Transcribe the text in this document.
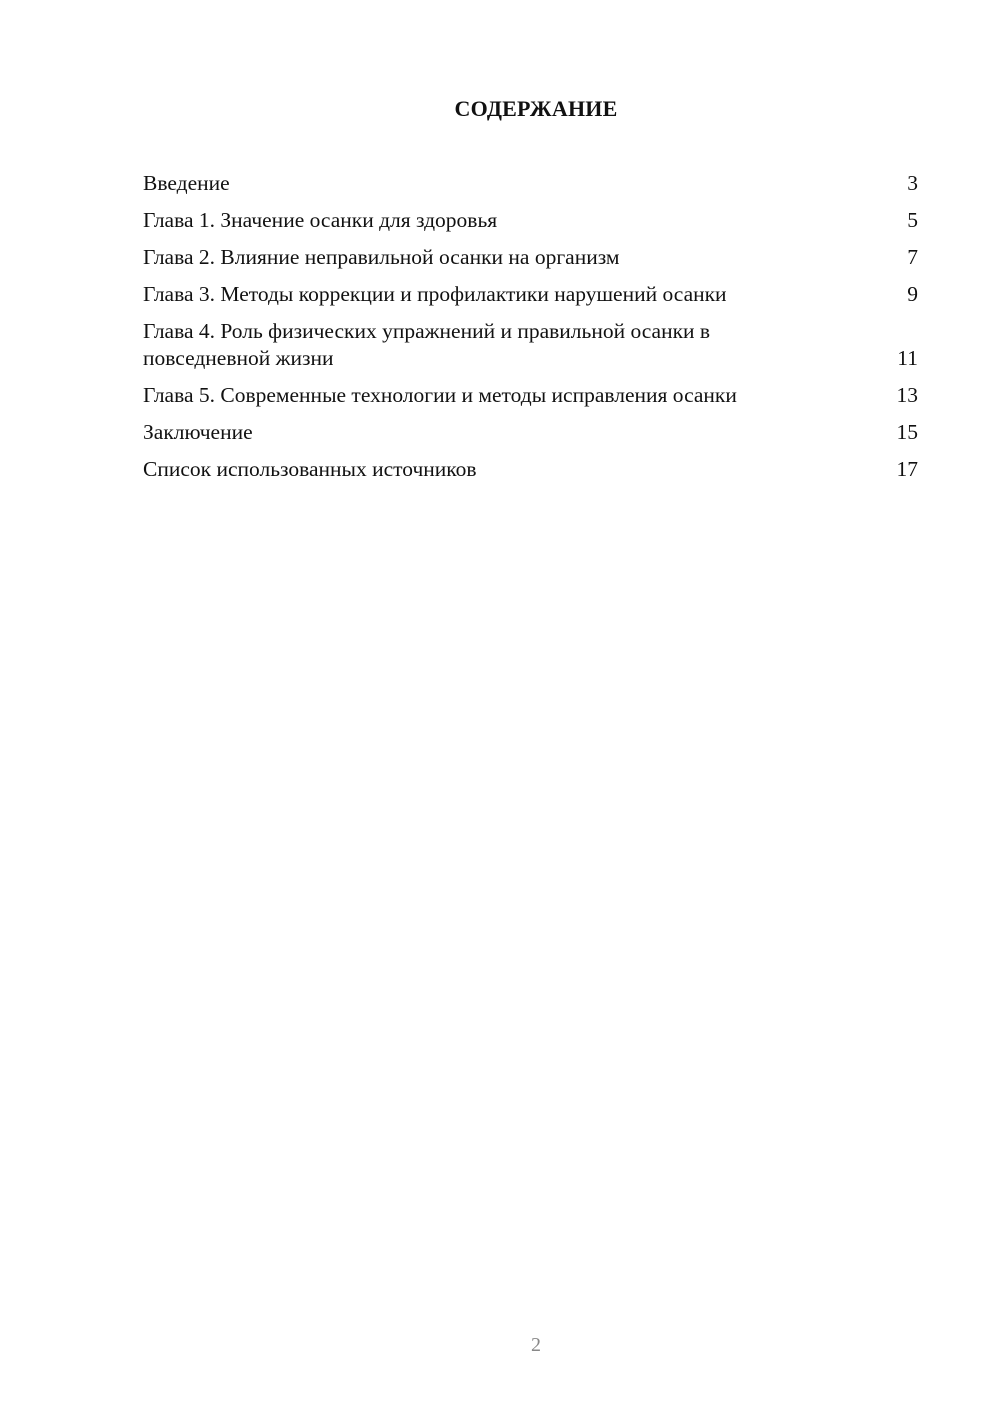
СОДЕРЖАНИЕ
Введение	3
Глава 1. Значение осанки для здоровья	5
Глава 2. Влияние неправильной осанки на организм	7
Глава 3. Методы коррекции и профилактики нарушений осанки	9
Глава 4. Роль физических упражнений и правильной осанки в повседневной жизни	11
Глава 5. Современные технологии и методы исправления осанки	13
Заключение	15
Список использованных источников	17
2
